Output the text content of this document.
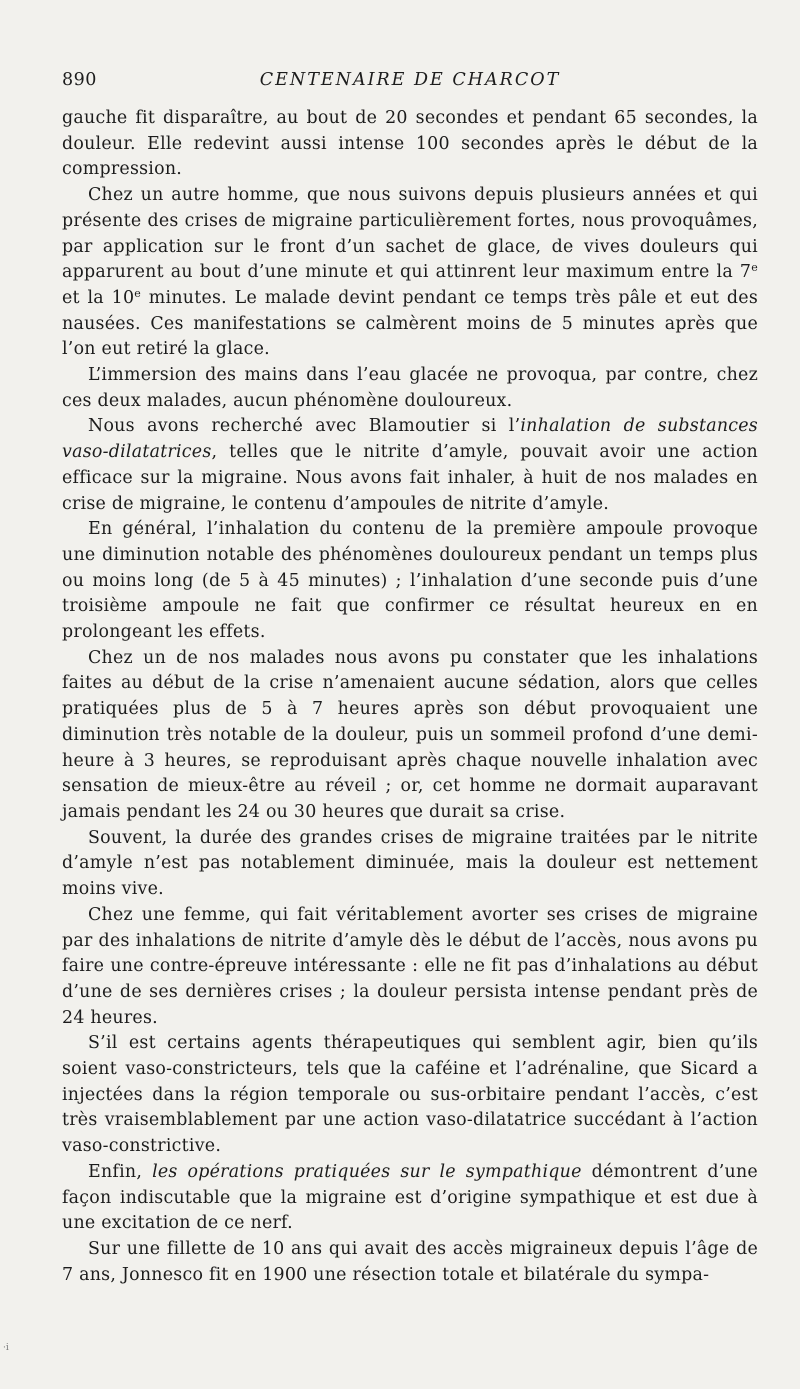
890	CENTENAIRE DE CHARCOT

gauche fit disparaître, au bout de 20 secondes et pendant 65 secondes, la douleur. Elle redevint aussi intense 100 secondes après le début de la compression.

Chez un autre homme, que nous suivons depuis plusieurs années et qui présente des crises de migraine particulièrement fortes, nous provoquâmes, par application sur le front d’un sachet de glace, de vives douleurs qui apparurent au bout d’une minute et qui attinrent leur maximum entre la 7e et la 10e minutes. Le malade devint pendant ce temps très pâle et eut des nausées. Ces manifestations se calmèrent moins de 5 minutes après que l’on eut retiré la glace.

L’immersion des mains dans l’eau glacée ne provoqua, par contre, chez ces deux malades, aucun phénomène douloureux.

Nous avons recherché avec Blamoutier si l’inhalation de substances vaso-dilatatrices, telles que le nitrite d’amyle, pouvait avoir une action efficace sur la migraine. Nous avons fait inhaler, à huit de nos malades en crise de migraine, le contenu d’ampoules de nitrite d’amyle.

En général, l’inhalation du contenu de la première ampoule provoque une diminution notable des phénomènes douloureux pendant un temps plus ou moins long (de 5 à 45 minutes) ; l’inhalation d’une seconde puis d’une troisième ampoule ne fait que confirmer ce résultat heureux en en prolongeant les effets.

Chez un de nos malades nous avons pu constater que les inhalations faites au début de la crise n’amenaient aucune sédation, alors que celles pratiquées plus de 5 à 7 heures après son début provoquaient une diminution très notable de la douleur, puis un sommeil profond d’une demi-heure à 3 heures, se reproduisant après chaque nouvelle inhalation avec sensation de mieux-être au réveil ; or, cet homme ne dormait auparavant jamais pendant les 24 ou 30 heures que durait sa crise.

Souvent, la durée des grandes crises de migraine traitées par le nitrite d’amyle n’est pas notablement diminuée, mais la douleur est nettement moins vive.

Chez une femme, qui fait véritablement avorter ses crises de migraine par des inhalations de nitrite d’amyle dès le début de l’accès, nous avons pu faire une contre-épreuve intéressante : elle ne fit pas d’inhalations au début d’une de ses dernières crises ; la douleur persista intense pendant près de 24 heures.

S’il est certains agents thérapeutiques qui semblent agir, bien qu’ils soient vaso-constricteurs, tels que la caféine et l’adrénaline, que Sicard a injectées dans la région temporale ou sus-orbitaire pendant l’accès, c’est très vraisemblablement par une action vaso-dilatatrice succédant à l’action vaso-constrictive.

Enfin, les opérations pratiquées sur le sympathique démontrent d’une façon indiscutable que la migraine est d’origine sympathique et est due à une excitation de ce nerf.

Sur une fillette de 10 ans qui avait des accès migraineux depuis l’âge de 7 ans, Jonnesco fit en 1900 une résection totale et bilatérale du sympa-

·i
